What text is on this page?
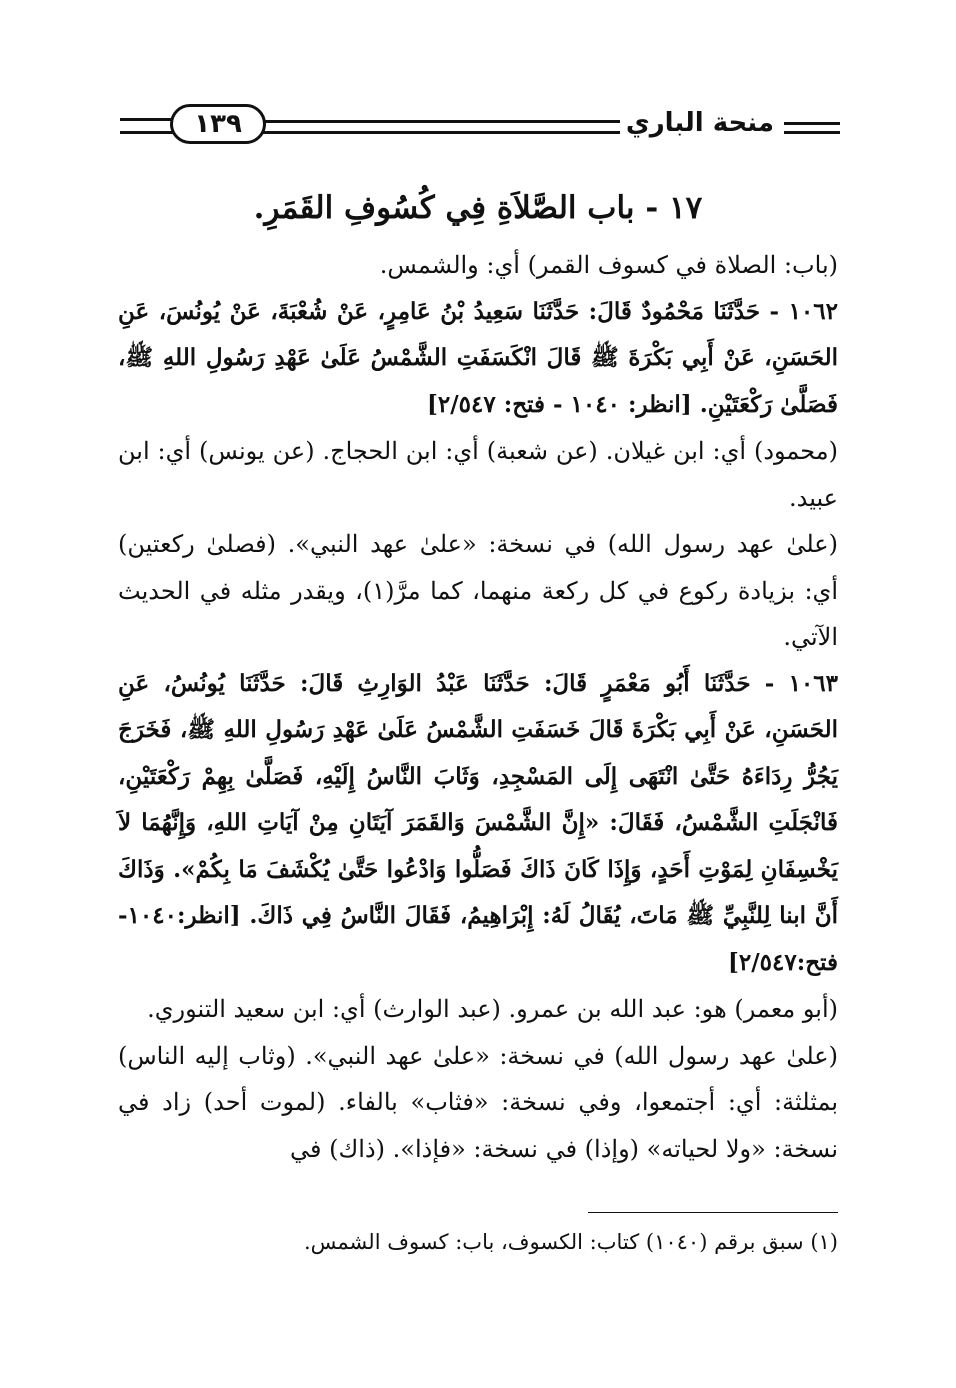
منحة الباري
١٣٩
١٧ - باب الصَّلاَةِ فِي كُسُوفِ القَمَرِ.

(باب: الصلاة في كسوف القمر) أي: والشمس.

١٠٦٢ - حَدَّثَنَا مَحْمُودٌ قَالَ: حَدَّثَنَا سَعِيدُ بْنُ عَامِرٍ، عَنْ شُعْبَةَ، عَنْ يُونُسَ، عَنِ الحَسَنِ، عَنْ أَبِي بَكْرَةَ ﷺ قَالَ انْكَسَفَتِ الشَّمْسُ عَلَىٰ عَهْدِ رَسُولِ اللهِ ﷺ، فَصَلَّىٰ رَكْعَتَيْنِ. [انظر: ١٠٤٠ - فتح: ٢/٥٤٧]

(محمود) أي: ابن غيلان. (عن شعبة) أي: ابن الحجاج. (عن يونس) أي: ابن عبيد.

(علىٰ عهد رسول الله) في نسخة: «علىٰ عهد النبي». (فصلىٰ ركعتين) أي: بزيادة ركوع في كل ركعة منهما، كما مرَّ(١)، ويقدر مثله في الحديث الآتي.

١٠٦٣ - حَدَّثَنَا أَبُو مَعْمَرٍ قَالَ: حَدَّثَنَا عَبْدُ الوَارِثِ قَالَ: حَدَّثَنَا يُونُسُ، عَنِ الحَسَنِ، عَنْ أَبِي بَكْرَةَ قَالَ خَسَفَتِ الشَّمْسُ عَلَىٰ عَهْدِ رَسُولِ اللهِ ﷺ، فَخَرَجَ يَجُرُّ رِدَاءَهُ حَتَّىٰ انْتَهَى إِلَى المَسْجِدِ، وَثَابَ النَّاسُ إِلَيْهِ، فَصَلَّىٰ بِهِمْ رَكْعَتَيْنِ، فَانْجَلَتِ الشَّمْسُ، فَقَالَ: «إِنَّ الشَّمْسَ وَالقَمَرَ آيَتَانِ مِنْ آيَاتِ اللهِ، وَإِنَّهُمَا لاَ يَخْسِفَانِ لِمَوْتِ أَحَدٍ، وَإِذَا كَانَ ذَاكَ فَصَلُّوا وَادْعُوا حَتَّىٰ يُكْشَفَ مَا بِكُمْ». وَذَاكَ أَنَّ ابنا لِلنَّبِيِّ ﷺ مَاتَ، يُقَالُ لَهُ: إِبْرَاهِيمُ، فَقَالَ النَّاسُ فِي ذَاكَ. [انظر:١٠٤٠-فتح:٢/٥٤٧]

(أبو معمر) هو: عبد الله بن عمرو. (عبد الوارث) أي: ابن سعيد التنوري.

(علىٰ عهد رسول الله) في نسخة: «علىٰ عهد النبي». (وثاب إليه الناس) بمثلثة: أي: أجتمعوا، وفي نسخة: «فثاب» بالفاء. (لموت أحد) زاد في نسخة: «ولا لحياته» (وإذا) في نسخة: «فإذا». (ذاك) في

(١) سبق برقم (١٠٤٠) كتاب: الكسوف، باب: كسوف الشمس.
